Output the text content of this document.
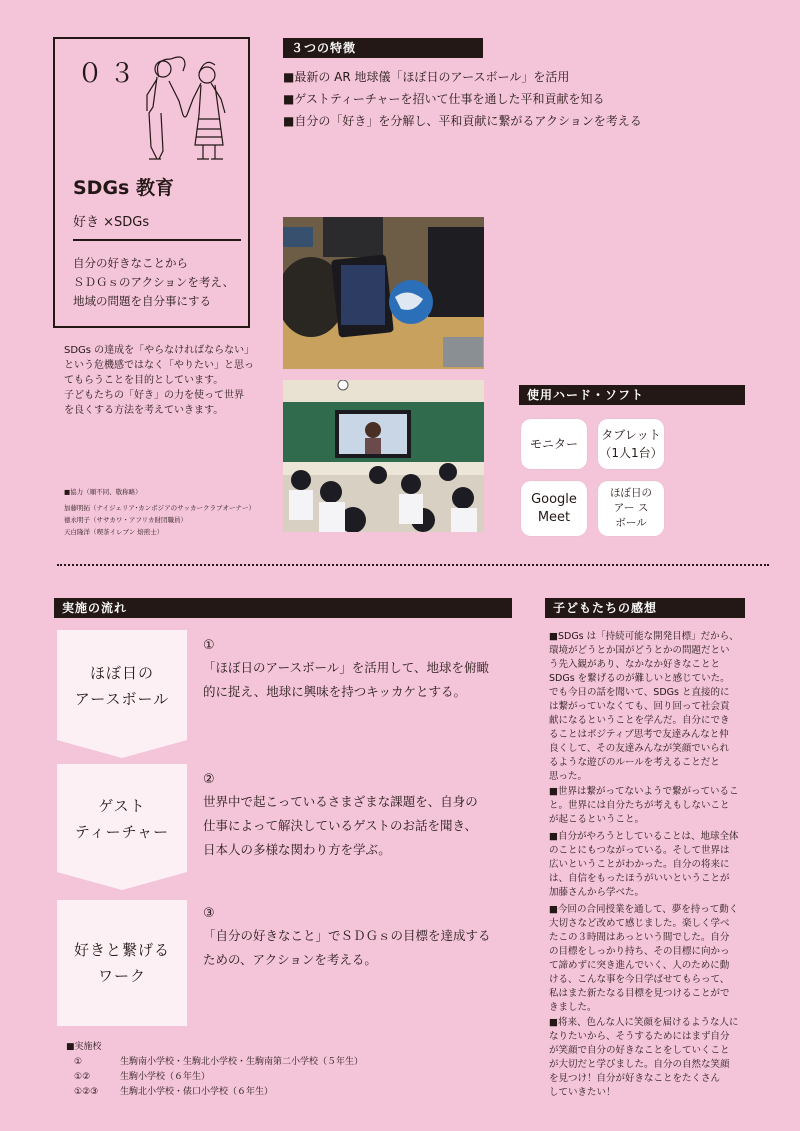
０３
SDGs 教育
好き ×SDGs
自分の好きなことから
ＳＤＧｓのアクションを考え、
地域の問題を自分事にする
SDGs の達成を「やらなければならない」
という危機感ではなく「やりたい」と思っ
てもらうことを目的としています。
子どもたちの「好き」の力を使って世界
を良くする方法を考えていきます。
■協力（順不同、敬称略）
加藤明拓（ナイジェリア･カンボジアのサッカークラブオーナー）
徳永明子（ササカワ・アフリカ財団職員）
天白隆洋（喫茶イレブン 焙煎士）
３つの特徴
■最新の AR 地球儀「ほぼ日のアースボール」を活用
■ゲストティーチャーを招いて仕事を通した平和貢献を知る
■自分の「好き」を分解し、平和貢献に繋がるアクションを考える
使用ハード・ソフト
モニター
タブレット
（1人1台）
Google
Meet
ほぼ日の
アー ス
ボール
実施の流れ
ほぼ日の
アースボール
ゲスト
ティーチャー
好きと繋げる
ワーク
①
「ほぼ日のアースボール」を活用して、地球を俯瞰
的に捉え、地球に興味を持つキッカケとする。
②
世界中で起こっているさまざまな課題を、自身の
仕事によって解決しているゲストのお話を聞き、
日本人の多様な関わり方を学ぶ。
③
「自分の好きなこと」でＳＤＧｓの目標を達成する
ための、アクションを考える。
■実施校
①	生駒南小学校・生駒北小学校・生駒南第二小学校（５年生）
①②	生駒小学校（６年生）
①②③	生駒北小学校・俵口小学校（６年生）
子どもたちの感想
■SDGs は「持続可能な開発目標」だから、
環境がどうとか国がどうとかの問題だとい
う先入観があり、なかなか好きなことと
SDGs を繋げるのが難しいと感じていた。
でも今日の話を聞いて、SDGs と直接的に
は繋がっていなくても、回り回って社会貢
献になるということを学んだ。自分にでき
ることはポジティブ思考で友達みんなと仲
良くして、その友達みんなが笑顔でいられ
るような遊びのルールを考えることだと
思った。
■世界は繋がってないようで繋がっているこ
と。世界には自分たちが考えもしないこと
が起こるということ。
■自分がやろうとしていることは、地球全体
のことにもつながっている。そして世界は
広いということがわかった。自分の将来に
は、自信をもったほうがいいということが
加藤さんから学べた。
■今回の合同授業を通して、夢を持って動く
大切さなど改めて感じました。楽しく学べ
たこの３時間はあっという間でした。自分
の目標をしっかり持ち、その目標に向かっ
て諦めずに突き進んでいく、人のために動
ける、こんな事を今日学ばせてもらって、
私はまた新たなる目標を見つけることがで
きました。
■将来、色んな人に笑顔を届けるような人に
なりたいから、そうするためにはまず自分
が笑顔で自分の好きなことをしていくこと
が大切だと学びました。自分の自然な笑顔
を見つけ！自分が好きなことをたくさん
していきたい！
